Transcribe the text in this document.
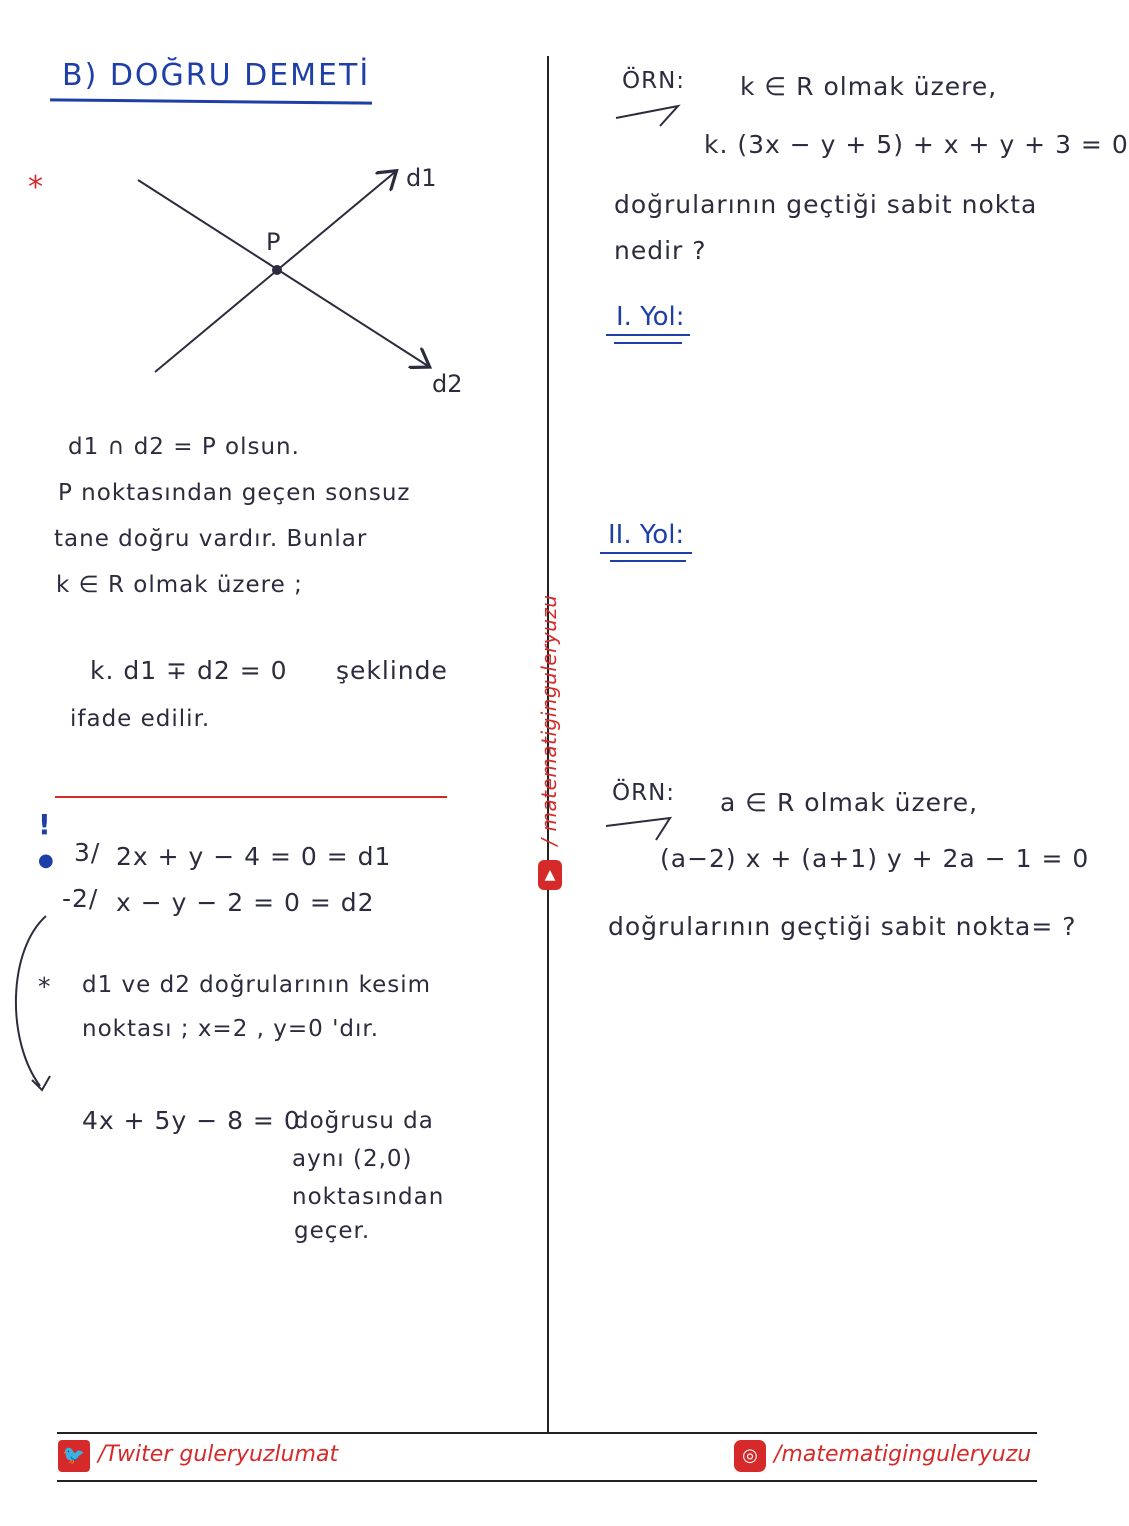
B) DOĞRU DEMETİ
*
P
d1
d2
d1 ∩ d2 = P olsun.
P noktasından geçen sonsuz
tane doğru vardır. Bunlar
k ∈ R olmak üzere ;
k. d1 ∓ d2 = 0 şeklinde
ifade edilir.
!
● 3/ 2x + y − 4 = 0 = d1
-2/ x − y − 2 = 0 = d2
* d1 ve d2 doğrularının kesim
noktası ; x=2 , y=0 'dır.
4x + 5y − 8 = 0
doğrusu da
aynı (2,0)
noktasından
geçer.
/ matematiginguleryuzu
▲
ÖRN: k ∈ R olmak üzere,
k. (3x − y + 5) + x + y + 3 = 0
doğrularının geçtiği sabit nokta
nedir ?
I. Yol:
II. Yol:
ÖRN: a ∈ R olmak üzere,
(a−2) x + (a+1) y + 2a − 1 = 0
doğrularının geçtiği sabit nokta= ?
🐦 /Twiter guleryuzlumat	◎ /matematiginguleryuzu
